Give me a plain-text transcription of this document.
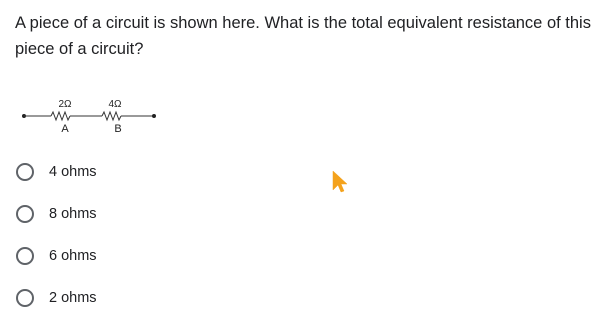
A piece of a circuit is shown here. What is the total equivalent resistance of this piece of a circuit?
2Ω
A
4Ω
B
4 ohms
8 ohms
6 ohms
2 ohms
